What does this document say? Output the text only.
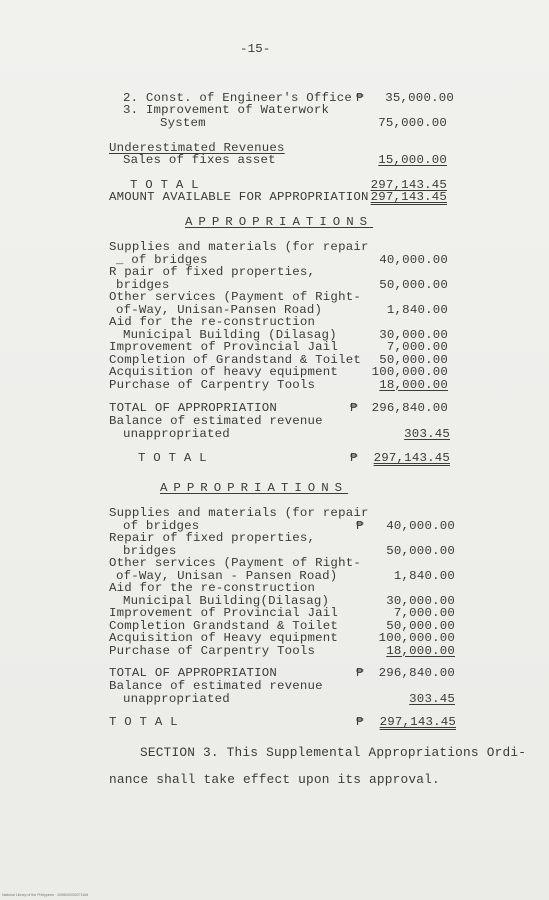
-15-
2. Const. of Engineer's Office ₱	35,000.00
3. Improvement of Waterwork
System	75,000.00
Underestimated Revenues
Sales of fixes asset	15,000.00
T O T A L	297,143.45
AMOUNT AVAILABLE FOR APPROPRIATION 297,143.45
APPROPRIATIONS
Supplies and materials (for repair
_ of bridges	40,000.00
R pair of fixed properties,
bridges	50,000.00
Other services (Payment of Right-
of-Way, Unisan-Pansen Road)	1,840.00
Aid for the re-construction
Municipal Building (Dilasag)	30,000.00
Improvement of Provincial Jail	7,000.00
Completion of Grandstand & Toilet	50,000.00
Acquisition of heavy equipment	100,000.00
Purchase of Carpentry Tools	18,000.00
TOTAL OF APPROPRIATION	₱	296,840.00
Balance of estimated revenue
unappropriated	303.45
T O T A L	₱	297,143.45
APPROPRIATIONS
Supplies and materials (for repair
of bridges	₱	40,000.00
Repair of fixed properties,
bridges	50,000.00
Other services (Payment of Right-
of-Way, Unisan - Pansen Road)	1,840.00
Aid for the re-construction
Municipal Building(Dilasag)	30,000.00
Improvement of Provincial Jail	7,000.00
Completion Grandstand & Toilet	50,000.00
Acquisition of Heavy equipment	100,000.00
Purchase of Carpentry Tools	18,000.00
TOTAL OF APPROPRIATION	₱	296,840.00
Balance of estimated revenue
unappropriated	303.45
T O T A L	₱	297,143.45
SECTION 3. This Supplemental Appropriations Ordi-
nance shall take effect upon its approval.
National Library of the Philippines · 2008000000271168
